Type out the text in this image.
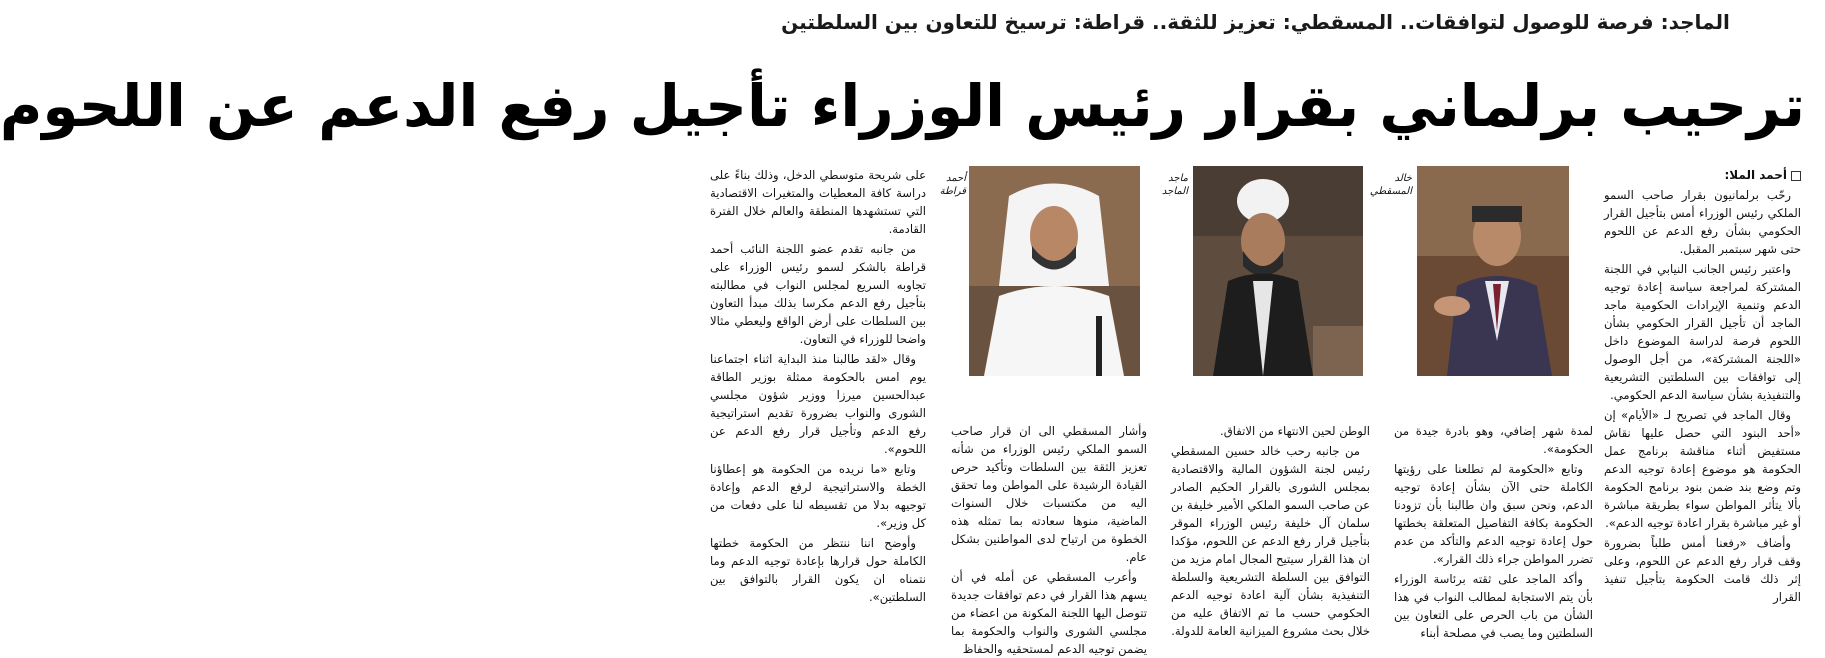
الماجد: فرصة للوصول لتوافقات.. المسقطي: تعزيز للثقة.. قراطة: ترسيخ للتعاون بين السلطتين
ترحيب برلماني بقرار رئيس الوزراء تأجيل رفع الدعم عن اللحوم

أحمد الملا:

رحّب برلمانيون بقرار صاحب السمو الملكي رئيس الوزراء أمس بتأجيل القرار الحكومي بشأن رفع الدعم عن اللحوم حتى شهر سبتمبر المقبل.

واعتبر رئيس الجانب النيابي في اللجنة المشتركة لمراجعة سياسة إعادة توجيه الدعم وتنمية الإيرادات الحكومية ماجد الماجد أن تأجيل القرار الحكومي بشأن اللحوم فرصة لدراسة الموضوع داخل «اللجنة المشتركة»، من أجل الوصول إلى توافقات بين السلطتين التشريعية والتنفيذية بشأن سياسة الدعم الحكومي.

وقال الماجد في تصريح لـ «الأيام» إن «أحد البنود التي حصل عليها نقاش مستفيض أثناء مناقشة برنامج عمل الحكومة هو موضوع إعادة توجيه الدعم وتم وضع بند ضمن بنود برنامج الحكومة بألا يتأثر المواطن سواء بطريقة مباشرة أو غير مباشرة بقرار اعادة توجيه الدعم».

وأضاف «رفعنا أمس طلباً بضرورة وقف قرار رفع الدعم عن اللحوم، وعلى إثر ذلك قامت الحكومة بتأجيل تنفيذ القرار

خالد المسقطي

لمدة شهر إضافي، وهو بادرة جيدة من الحكومة».

وتابع «الحكومة لم تطلعنا على رؤيتها الكاملة حتى الآن بشأن إعادة توجيه الدعم، ونحن سبق وان طالبنا بأن تزودنا الحكومة بكافة التفاصيل المتعلقة بخطتها حول إعادة توجيه الدعم والتأكد من عدم تضرر المواطن جراء ذلك القرار».

وأكد الماجد على ثقته برئاسة الوزراء بأن يتم الاستجابة لمطالب النواب في هذا الشأن من باب الحرص على التعاون بين السلطتين وما يصب في مصلحة أبناء

ماجد الماجد

الوطن لحين الانتهاء من الاتفاق.

من جانبه رحب خالد حسين المسقطي رئيس لجنة الشؤون المالية والاقتصادية بمجلس الشورى بالقرار الحكيم الصادر عن صاحب السمو الملكي الأمير خليفة بن سلمان آل خليفة رئيس الوزراء الموقر بتأجيل قرار رفع الدعم عن اللحوم، مؤكدا ان هذا القرار سيتيح المجال امام مزيد من التوافق بين السلطة التشريعية والسلطة التنفيذية بشأن آلية اعادة توجيه الدعم الحكومي حسب ما تم الاتفاق عليه من خلال بحث مشروع الميزانية العامة للدولة.

أحمد قراطة

وأشار المسقطي الى ان قرار صاحب السمو الملكي رئيس الوزراء من شأنه تعزيز الثقة بين السلطات وتأكيد حرص القيادة الرشيدة على المواطن وما تحقق اليه من مكتسبات خلال السنوات الماضية، منوها سعادته بما تمثله هذه الخطوة من ارتياح لدى المواطنين بشكل عام.

وأعرب المسقطي عن أمله في أن يسهم هذا القرار في دعم توافقات جديدة تتوصل اليها اللجنة المكونة من اعضاء من مجلسي الشورى والنواب والحكومة بما يضمن توجيه الدعم لمستحقيه والحفاظ

على شريحة متوسطي الدخل، وذلك بناءً على دراسة كافة المعطيات والمتغيرات الاقتصادية التي تستشهدها المنطقة والعالم خلال الفترة القادمة.

من جانبه تقدم عضو اللجنة النائب أحمد قراطة بالشكر لسمو رئيس الوزراء على تجاوبه السريع لمجلس النواب في مطالبته بتأجيل رفع الدعم مكرسا بذلك مبدأ التعاون بين السلطات على أرض الواقع وليعطي مثالا واضحا للوزراء في التعاون.

وقال «لقد طالبنا منذ البداية اثناء اجتماعنا يوم امس بالحكومة ممثلة بوزير الطاقة عبدالحسين ميرزا ووزير شؤون مجلسي الشورى والنواب بضرورة تقديم استراتيجية رفع الدعم وتأجيل قرار رفع الدعم عن اللحوم».

وتابع «ما نريده من الحكومة هو إعطاؤنا الخطة والاستراتيجية لرفع الدعم وإعادة توجيهه بدلا من تقسيطه لنا على دفعات من كل وزير».

وأوضح اننا ننتظر من الحكومة خطتها الكاملة حول قرارها بإعادة توجيه الدعم وما نتمناه ان يكون القرار بالتوافق بين السلطتين».
